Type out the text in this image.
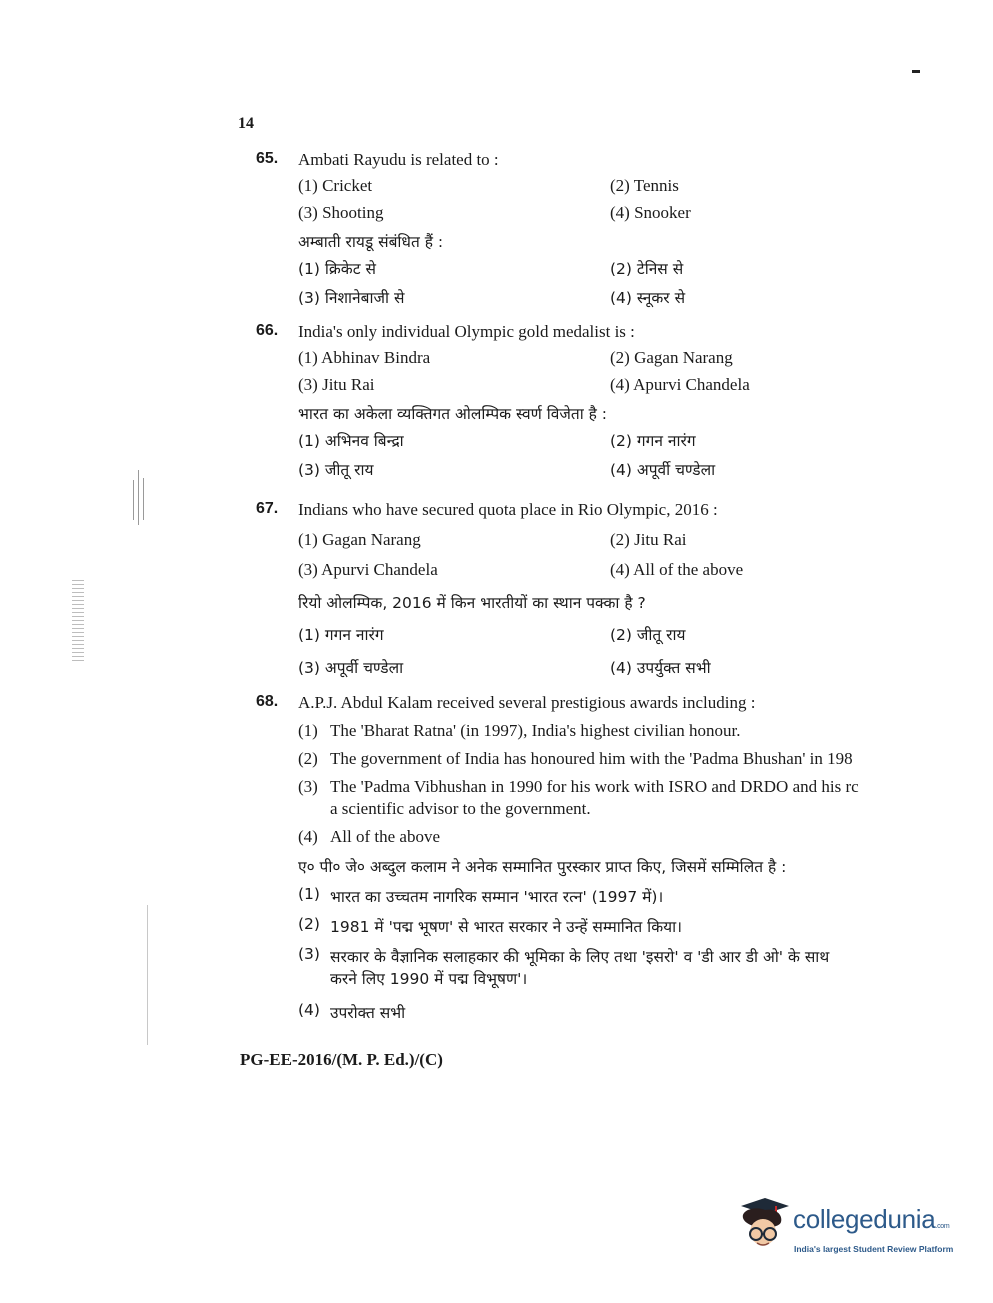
14
65. Ambati Rayudu is related to :
(1) Cricket	(2) Tennis
(3) Shooting	(4) Snooker
अम्बाती रायडू संबंधित हैं :
(1) क्रिकेट से	(2) टेनिस से
(3) निशानेबाजी से	(4) स्नूकर से
66. India's only individual Olympic gold medalist is :
(1) Abhinav Bindra	(2) Gagan Narang
(3) Jitu Rai	(4) Apurvi Chandela
भारत का अकेला व्यक्तिगत ओलम्पिक स्वर्ण विजेता है :
(1) अभिनव बिन्द्रा	(2) गगन नारंग
(3) जीतू राय	(4) अपूर्वी चण्डेला
67. Indians who have secured quota place in Rio Olympic, 2016 :
(1) Gagan Narang	(2) Jitu Rai
(3) Apurvi Chandela	(4) All of the above
रियो ओलम्पिक, 2016 में किन भारतीयों का स्थान पक्का है ?
(1) गगन नारंग	(2) जीतू राय
(3) अपूर्वी चण्डेला	(4) उपर्युक्त सभी
68. A.P.J. Abdul Kalam received several prestigious awards including :
(1) The 'Bharat Ratna' (in 1997), India's highest civilian honour.
(2) The government of India has honoured him with the 'Padma Bhushan' in 198
(3) The 'Padma Vibhushan in 1990 for his work with ISRO and DRDO and his rc
a scientific advisor to the government.
(4) All of the above
ए० पी० जे० अब्दुल कलाम ने अनेक सम्मानित पुरस्कार प्राप्त किए, जिसमें सम्मिलित है :
(1) भारत का उच्चतम नागरिक सम्मान 'भारत रत्न' (1997 में)।
(2) 1981 में 'पद्म भूषण' से भारत सरकार ने उन्हें सम्मानित किया।
(3) सरकार के वैज्ञानिक सलाहकार की भूमिका के लिए तथा 'इसरो' व 'डी आर डी ओ' के साथ
करने लिए 1990 में पद्म विभूषण'।
(4) उपरोक्त सभी
PG-EE-2016/(M. P. Ed.)/(C)
collegedunia.com
India's largest Student Review Platform
